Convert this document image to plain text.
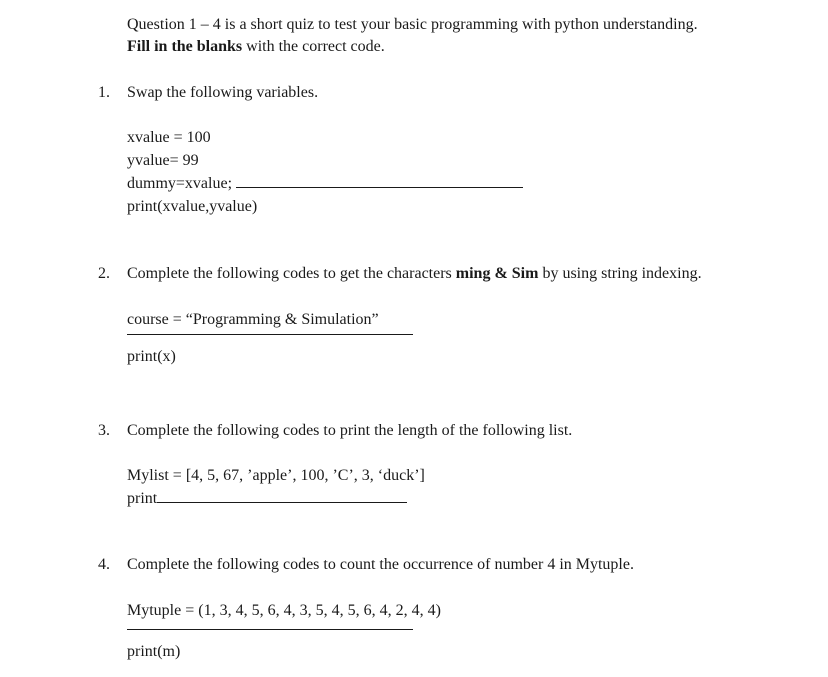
Question 1 – 4 is a short quiz to test your basic programming with python understanding.
Fill in the blanks with the correct code.
1. Swap the following variables.
xvalue = 100
yvalue= 99
dummy=xvalue;
print(xvalue,yvalue)
2. Complete the following codes to get the characters ming & Sim by using string indexing.
course = “Programming & Simulation”
print(x)
3. Complete the following codes to print the length of the following list.
Mylist = [4, 5, 67, ’apple’, 100, ’C’, 3, ‘duck’]
print
4. Complete the following codes to count the occurrence of number 4 in Mytuple.
Mytuple = (1, 3, 4, 5, 6, 4, 3, 5, 4, 5, 6, 4, 2, 4, 4)
print(m)
